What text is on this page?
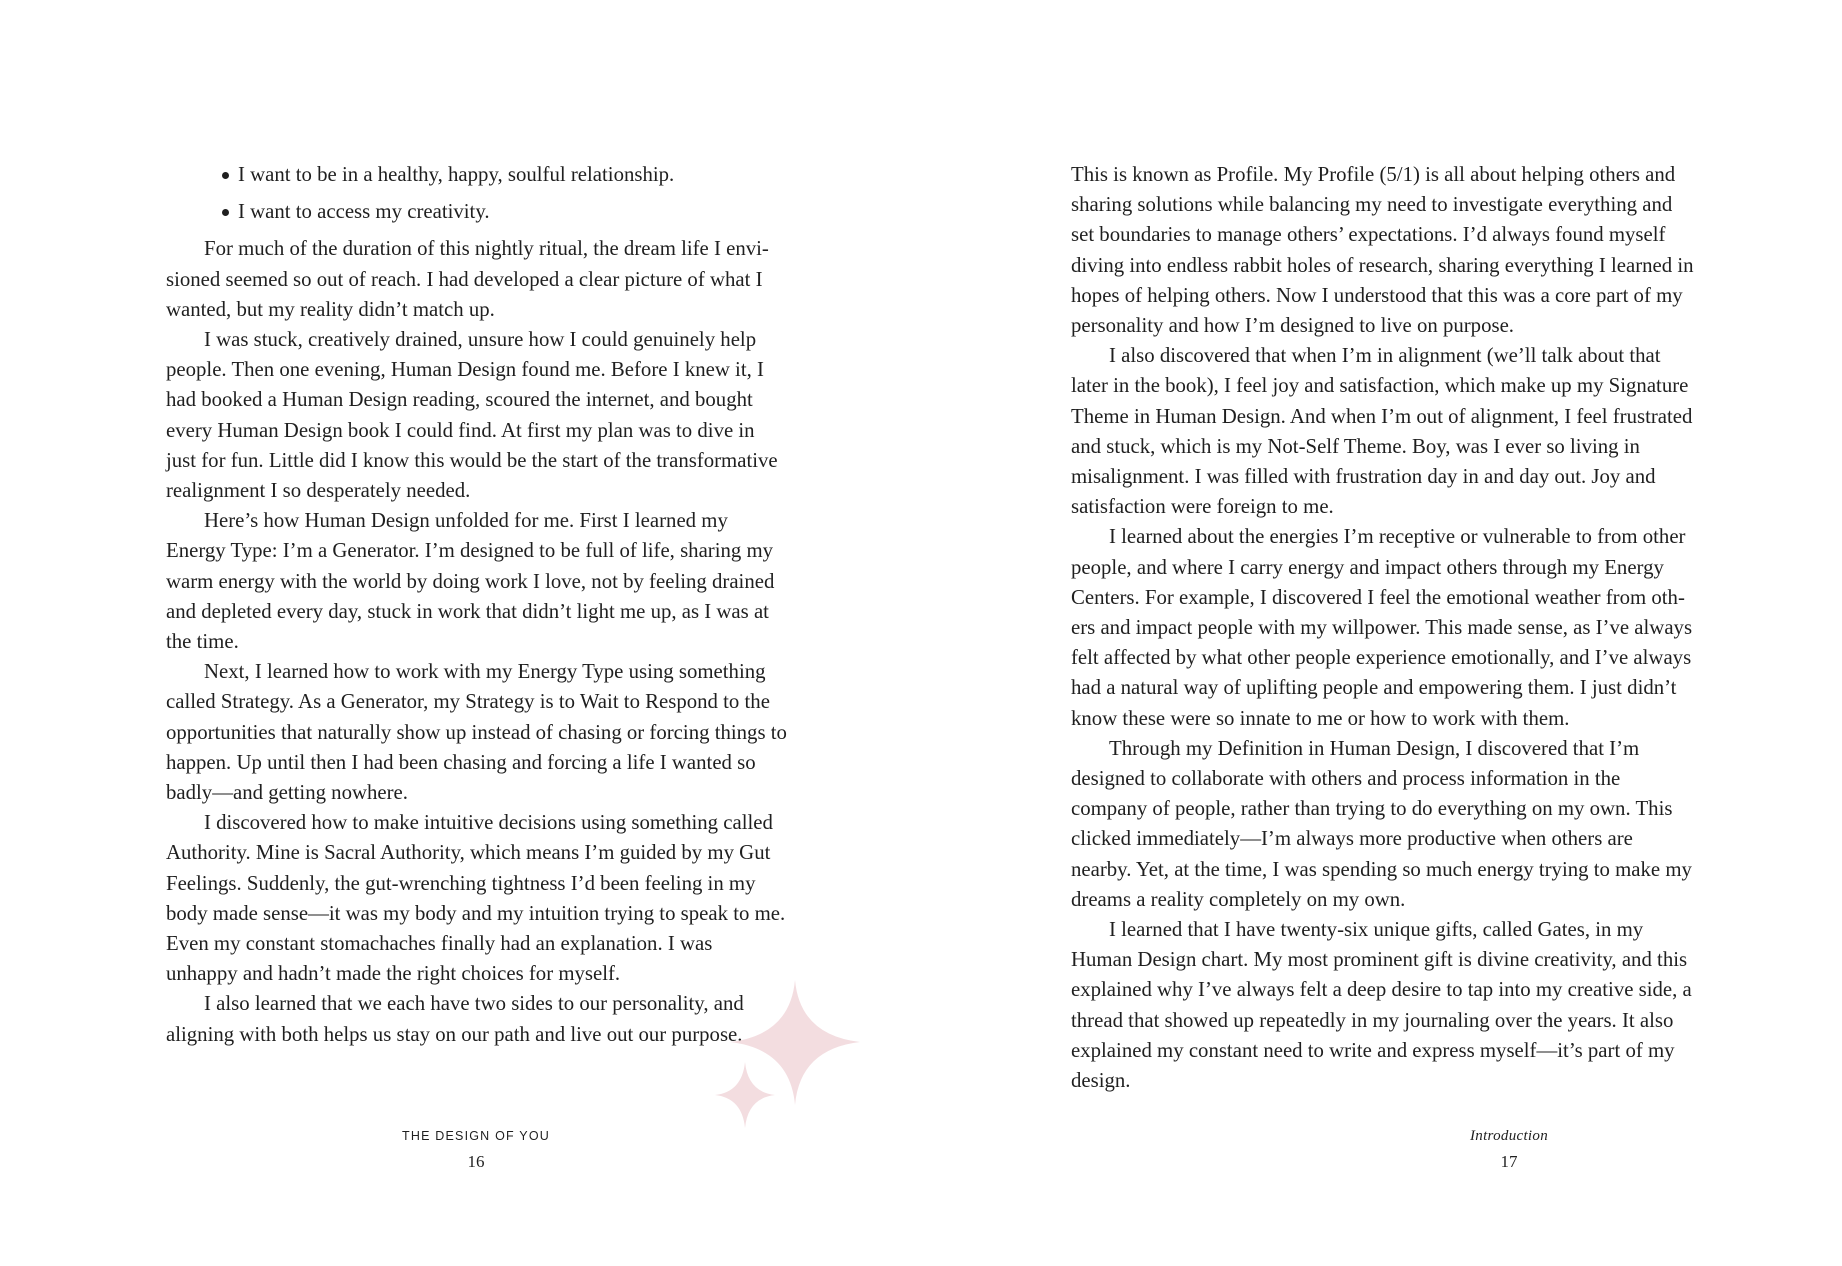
I want to be in a healthy, happy, soulful relationship.
I want to access my creativity.

For much of the duration of this nightly ritual, the dream life I envisioned seemed so out of reach. I had developed a clear picture of what I wanted, but my reality didn’t match up.

I was stuck, creatively drained, unsure how I could genuinely help people. Then one evening, Human Design found me. Before I knew it, I had booked a Human Design reading, scoured the internet, and bought every Human Design book I could find. At first my plan was to dive in just for fun. Little did I know this would be the start of the transformative realignment I so desperately needed.

Here’s how Human Design unfolded for me. First I learned my Energy Type: I’m a Generator. I’m designed to be full of life, sharing my warm energy with the world by doing work I love, not by feeling drained and depleted every day, stuck in work that didn’t light me up, as I was at the time.

Next, I learned how to work with my Energy Type using something called Strategy. As a Generator, my Strategy is to Wait to Respond to the opportunities that naturally show up instead of chasing or forcing things to happen. Up until then I had been chasing and forcing a life I wanted so badly—and getting nowhere.

I discovered how to make intuitive decisions using something called Authority. Mine is Sacral Authority, which means I’m guided by my Gut Feelings. Suddenly, the gut-wrenching tightness I’d been feeling in my body made sense—it was my body and my intuition trying to speak to me. Even my constant stomachaches finally had an explanation. I was unhappy and hadn’t made the right choices for myself.

I also learned that we each have two sides to our personality, and aligning with both helps us stay on our path and live out our purpose.

THE DESIGN OF YOU
16

This is known as Profile. My Profile (5/1) is all about helping others and sharing solutions while balancing my need to investigate everything and set boundaries to manage others’ expectations. I’d always found myself diving into endless rabbit holes of research, sharing everything I learned in hopes of helping others. Now I understood that this was a core part of my personality and how I’m designed to live on purpose.

I also discovered that when I’m in alignment (we’ll talk about that later in the book), I feel joy and satisfaction, which make up my Signature Theme in Human Design. And when I’m out of alignment, I feel frustrated and stuck, which is my Not-Self Theme. Boy, was I ever so living in misalignment. I was filled with frustration day in and day out. Joy and satisfaction were foreign to me.

I learned about the energies I’m receptive or vulnerable to from other people, and where I carry energy and impact others through my Energy Centers. For example, I discovered I feel the emotional weather from others and impact people with my willpower. This made sense, as I’ve always felt affected by what other people experience emotionally, and I’ve always had a natural way of uplifting people and empowering them. I just didn’t know these were so innate to me or how to work with them.

Through my Definition in Human Design, I discovered that I’m designed to collaborate with others and process information in the company of people, rather than trying to do everything on my own. This clicked immediately—I’m always more productive when others are nearby. Yet, at the time, I was spending so much energy trying to make my dreams a reality completely on my own.

I learned that I have twenty-six unique gifts, called Gates, in my Human Design chart. My most prominent gift is divine creativity, and this explained why I’ve always felt a deep desire to tap into my creative side, a thread that showed up repeatedly in my journaling over the years. It also explained my constant need to write and express myself—it’s part of my design.

Introduction
17
